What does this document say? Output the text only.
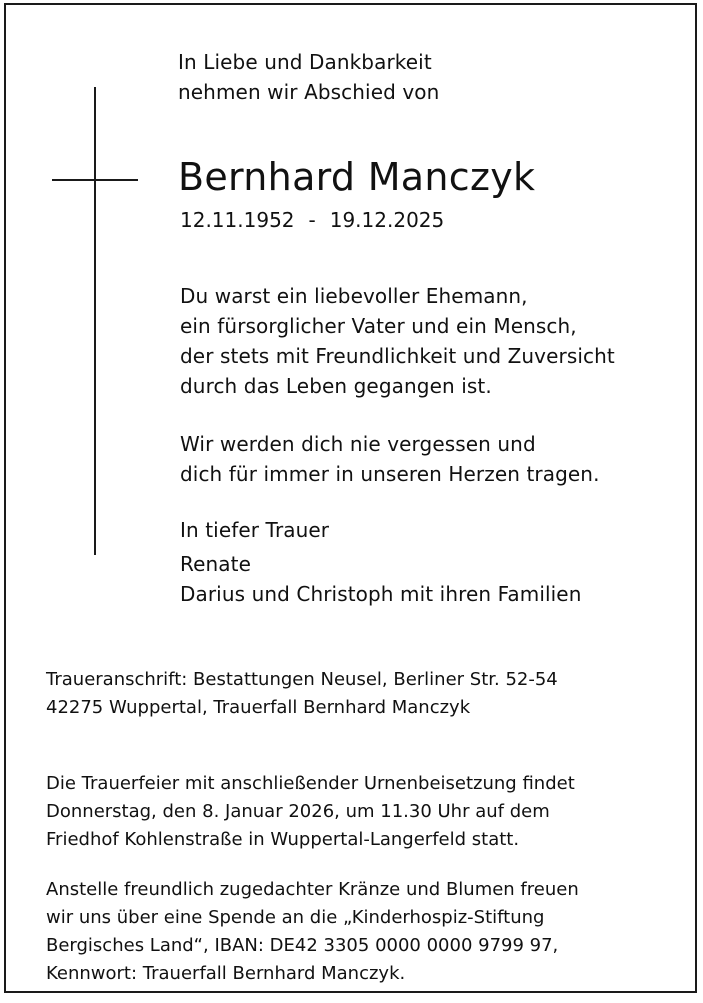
In Liebe und Dankbarkeit

nehmen wir Abschied von

Bernhard Manczyk

12.11.1952 - 19.12.2025

Du warst ein liebevoller Ehemann,

ein fürsorglicher Vater und ein Mensch,

der stets mit Freundlichkeit und Zuversicht

durch das Leben gegangen ist.

Wir werden dich nie vergessen und

dich für immer in unseren Herzen tragen.

In tiefer Trauer

Renate

Darius und Christoph mit ihren Familien

Traueranschrift: Bestattungen Neusel, Berliner Str. 52-54

42275 Wuppertal, Trauerfall Bernhard Manczyk

Die Trauerfeier mit anschließender Urnenbeisetzung findet

Donnerstag, den 8. Januar 2026, um 11.30 Uhr auf dem

Friedhof Kohlenstraße in Wuppertal-Langerfeld statt.

Anstelle freundlich zugedachter Kränze und Blumen freuen

wir uns über eine Spende an die „Kinderhospiz-Stiftung

Bergisches Land“, IBAN: DE42 3305 0000 0000 9799 97,

Kennwort: Trauerfall Bernhard Manczyk.
